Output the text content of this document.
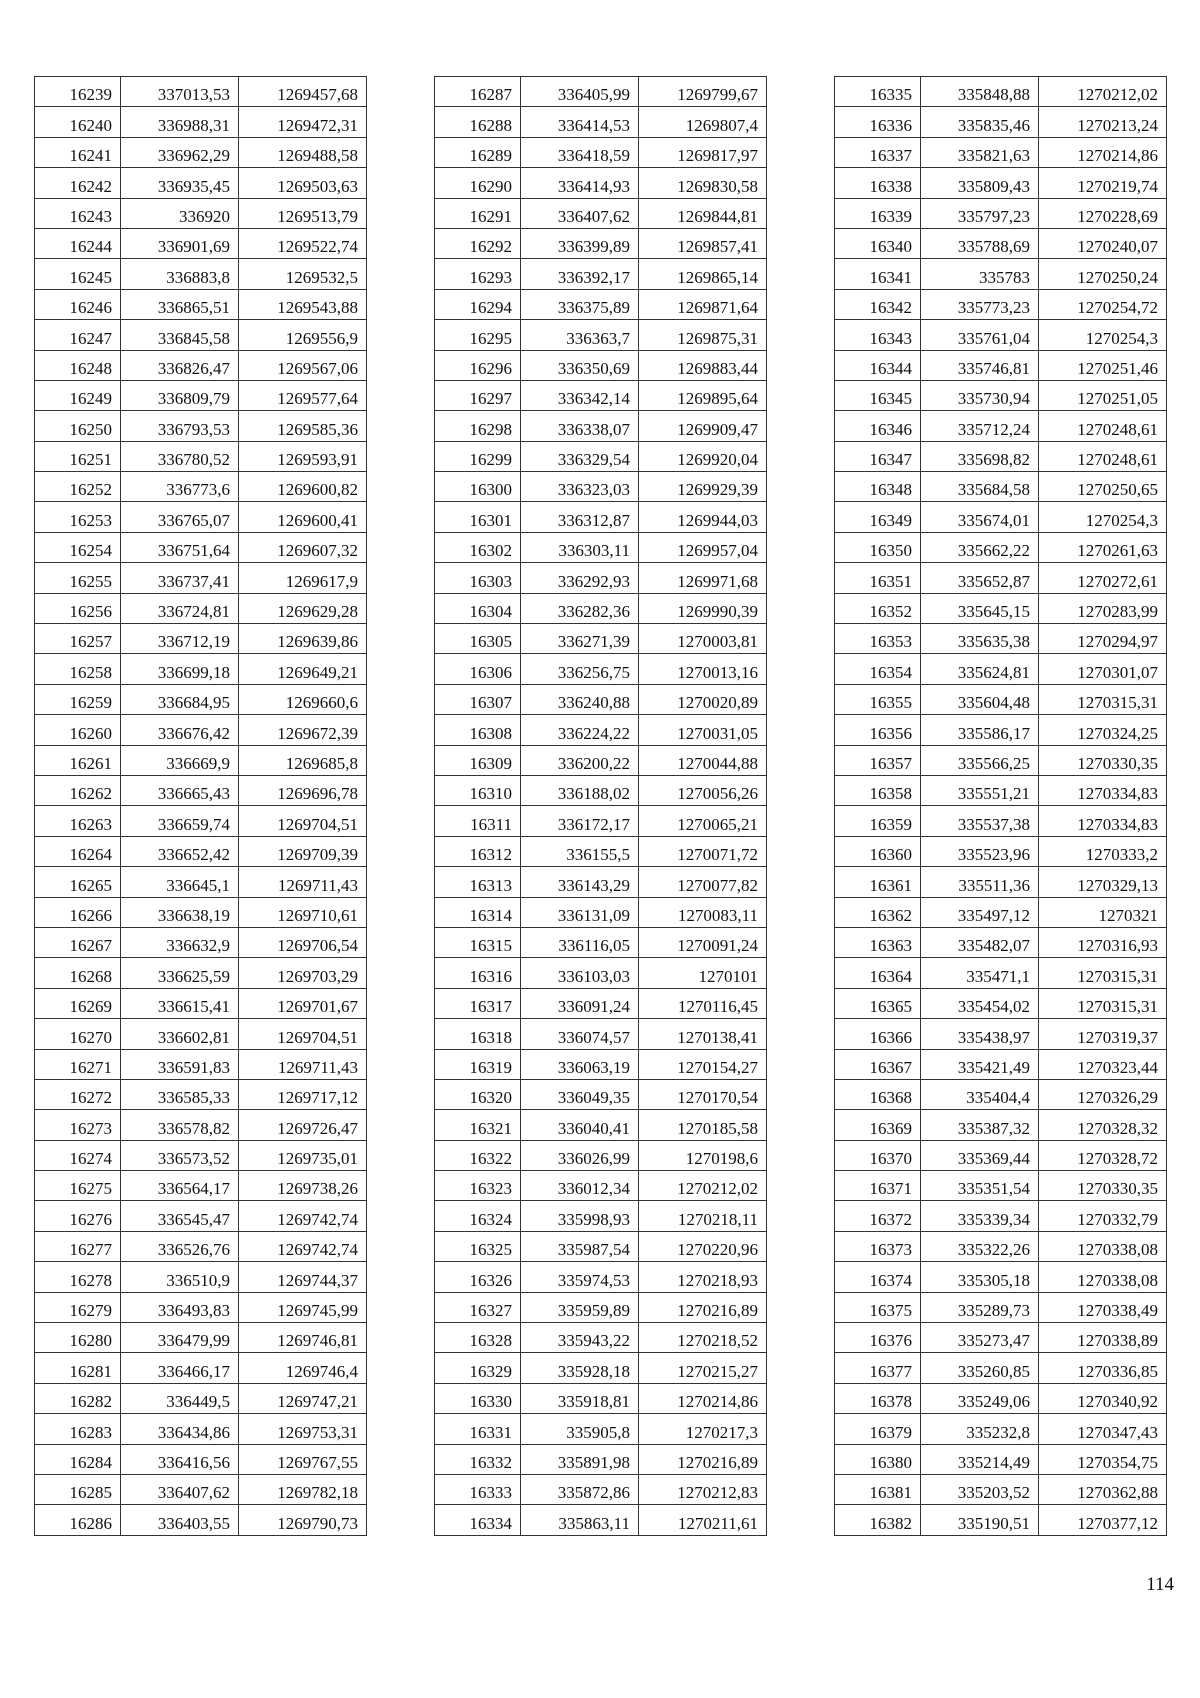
16239	337013,53	1269457,68
16240	336988,31	1269472,31
16241	336962,29	1269488,58
16242	336935,45	1269503,63
16243	336920	1269513,79
16244	336901,69	1269522,74
16245	336883,8	1269532,5
16246	336865,51	1269543,88
16247	336845,58	1269556,9
16248	336826,47	1269567,06
16249	336809,79	1269577,64
16250	336793,53	1269585,36
16251	336780,52	1269593,91
16252	336773,6	1269600,82
16253	336765,07	1269600,41
16254	336751,64	1269607,32
16255	336737,41	1269617,9
16256	336724,81	1269629,28
16257	336712,19	1269639,86
16258	336699,18	1269649,21
16259	336684,95	1269660,6
16260	336676,42	1269672,39
16261	336669,9	1269685,8
16262	336665,43	1269696,78
16263	336659,74	1269704,51
16264	336652,42	1269709,39
16265	336645,1	1269711,43
16266	336638,19	1269710,61
16267	336632,9	1269706,54
16268	336625,59	1269703,29
16269	336615,41	1269701,67
16270	336602,81	1269704,51
16271	336591,83	1269711,43
16272	336585,33	1269717,12
16273	336578,82	1269726,47
16274	336573,52	1269735,01
16275	336564,17	1269738,26
16276	336545,47	1269742,74
16277	336526,76	1269742,74
16278	336510,9	1269744,37
16279	336493,83	1269745,99
16280	336479,99	1269746,81
16281	336466,17	1269746,4
16282	336449,5	1269747,21
16283	336434,86	1269753,31
16284	336416,56	1269767,55
16285	336407,62	1269782,18
16286	336403,55	1269790,73
16287	336405,99	1269799,67
16288	336414,53	1269807,4
16289	336418,59	1269817,97
16290	336414,93	1269830,58
16291	336407,62	1269844,81
16292	336399,89	1269857,41
16293	336392,17	1269865,14
16294	336375,89	1269871,64
16295	336363,7	1269875,31
16296	336350,69	1269883,44
16297	336342,14	1269895,64
16298	336338,07	1269909,47
16299	336329,54	1269920,04
16300	336323,03	1269929,39
16301	336312,87	1269944,03
16302	336303,11	1269957,04
16303	336292,93	1269971,68
16304	336282,36	1269990,39
16305	336271,39	1270003,81
16306	336256,75	1270013,16
16307	336240,88	1270020,89
16308	336224,22	1270031,05
16309	336200,22	1270044,88
16310	336188,02	1270056,26
16311	336172,17	1270065,21
16312	336155,5	1270071,72
16313	336143,29	1270077,82
16314	336131,09	1270083,11
16315	336116,05	1270091,24
16316	336103,03	1270101
16317	336091,24	1270116,45
16318	336074,57	1270138,41
16319	336063,19	1270154,27
16320	336049,35	1270170,54
16321	336040,41	1270185,58
16322	336026,99	1270198,6
16323	336012,34	1270212,02
16324	335998,93	1270218,11
16325	335987,54	1270220,96
16326	335974,53	1270218,93
16327	335959,89	1270216,89
16328	335943,22	1270218,52
16329	335928,18	1270215,27
16330	335918,81	1270214,86
16331	335905,8	1270217,3
16332	335891,98	1270216,89
16333	335872,86	1270212,83
16334	335863,11	1270211,61
16335	335848,88	1270212,02
16336	335835,46	1270213,24
16337	335821,63	1270214,86
16338	335809,43	1270219,74
16339	335797,23	1270228,69
16340	335788,69	1270240,07
16341	335783	1270250,24
16342	335773,23	1270254,72
16343	335761,04	1270254,3
16344	335746,81	1270251,46
16345	335730,94	1270251,05
16346	335712,24	1270248,61
16347	335698,82	1270248,61
16348	335684,58	1270250,65
16349	335674,01	1270254,3
16350	335662,22	1270261,63
16351	335652,87	1270272,61
16352	335645,15	1270283,99
16353	335635,38	1270294,97
16354	335624,81	1270301,07
16355	335604,48	1270315,31
16356	335586,17	1270324,25
16357	335566,25	1270330,35
16358	335551,21	1270334,83
16359	335537,38	1270334,83
16360	335523,96	1270333,2
16361	335511,36	1270329,13
16362	335497,12	1270321
16363	335482,07	1270316,93
16364	335471,1	1270315,31
16365	335454,02	1270315,31
16366	335438,97	1270319,37
16367	335421,49	1270323,44
16368	335404,4	1270326,29
16369	335387,32	1270328,32
16370	335369,44	1270328,72
16371	335351,54	1270330,35
16372	335339,34	1270332,79
16373	335322,26	1270338,08
16374	335305,18	1270338,08
16375	335289,73	1270338,49
16376	335273,47	1270338,89
16377	335260,85	1270336,85
16378	335249,06	1270340,92
16379	335232,8	1270347,43
16380	335214,49	1270354,75
16381	335203,52	1270362,88
16382	335190,51	1270377,12
114
